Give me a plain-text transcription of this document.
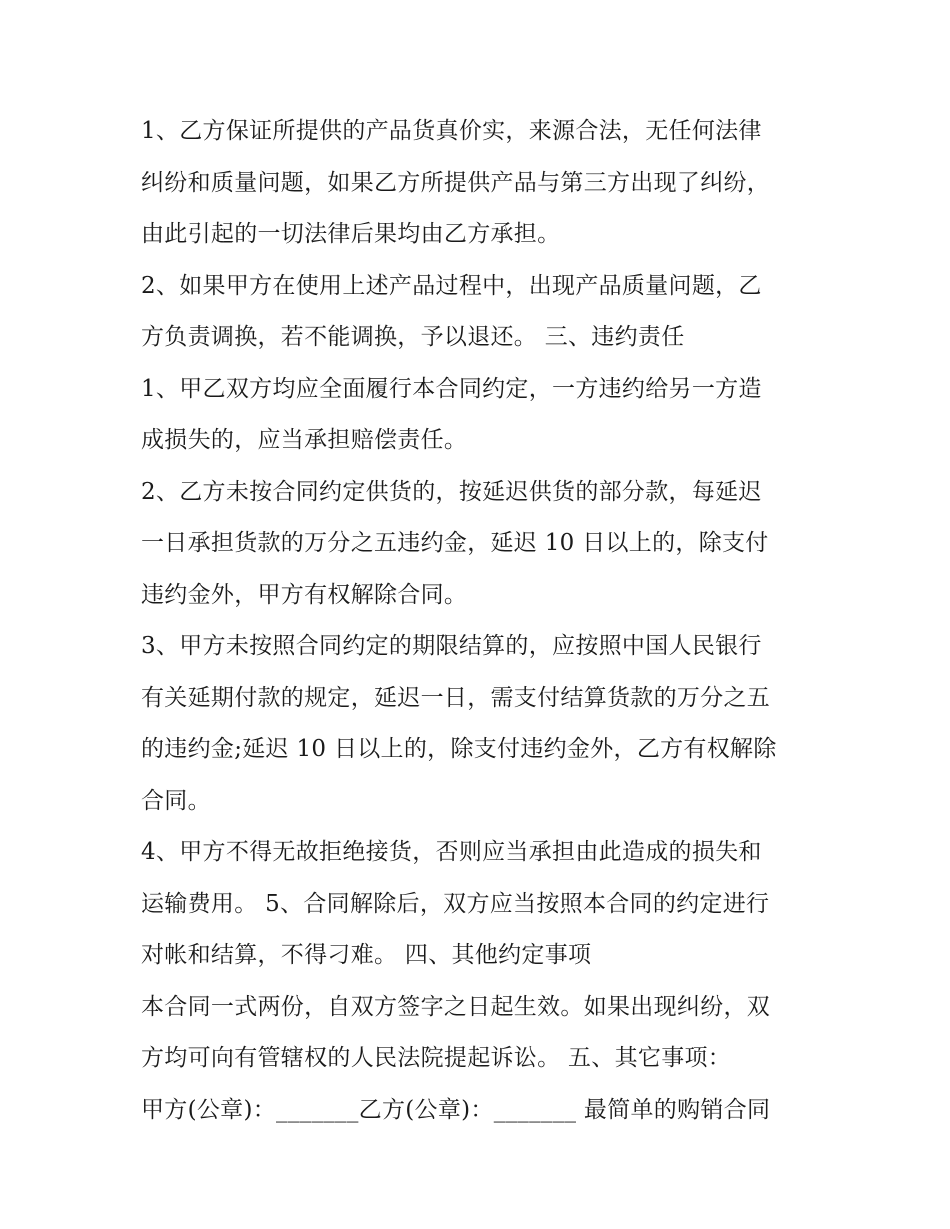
1、乙方保证所提供的产品货真价实，来源合法，无任何法律
纠纷和质量问题，如果乙方所提供产品与第三方出现了纠纷，
由此引起的一切法律后果均由乙方承担。
2、如果甲方在使用上述产品过程中，出现产品质量问题，乙
方负责调换，若不能调换，予以退还。 三、违约责任
1、甲乙双方均应全面履行本合同约定，一方违约给另一方造
成损失的，应当承担赔偿责任。
2、乙方未按合同约定供货的，按延迟供货的部分款，每延迟
一日承担货款的万分之五违约金，延迟 10 日以上的，除支付
违约金外，甲方有权解除合同。
3、甲方未按照合同约定的期限结算的，应按照中国人民银行
有关延期付款的规定，延迟一日，需支付结算货款的万分之五
的违约金;延迟 10 日以上的，除支付违约金外，乙方有权解除
合同。
4、甲方不得无故拒绝接货，否则应当承担由此造成的损失和
运输费用。 5、合同解除后，双方应当按照本合同的约定进行
对帐和结算，不得刁难。 四、其他约定事项
本合同一式两份，自双方签字之日起生效。如果出现纠纷，双
方均可向有管辖权的人民法院提起诉讼。 五、其它事项：
甲方(公章)：_______乙方(公章)：_______ 最简单的购销合同
